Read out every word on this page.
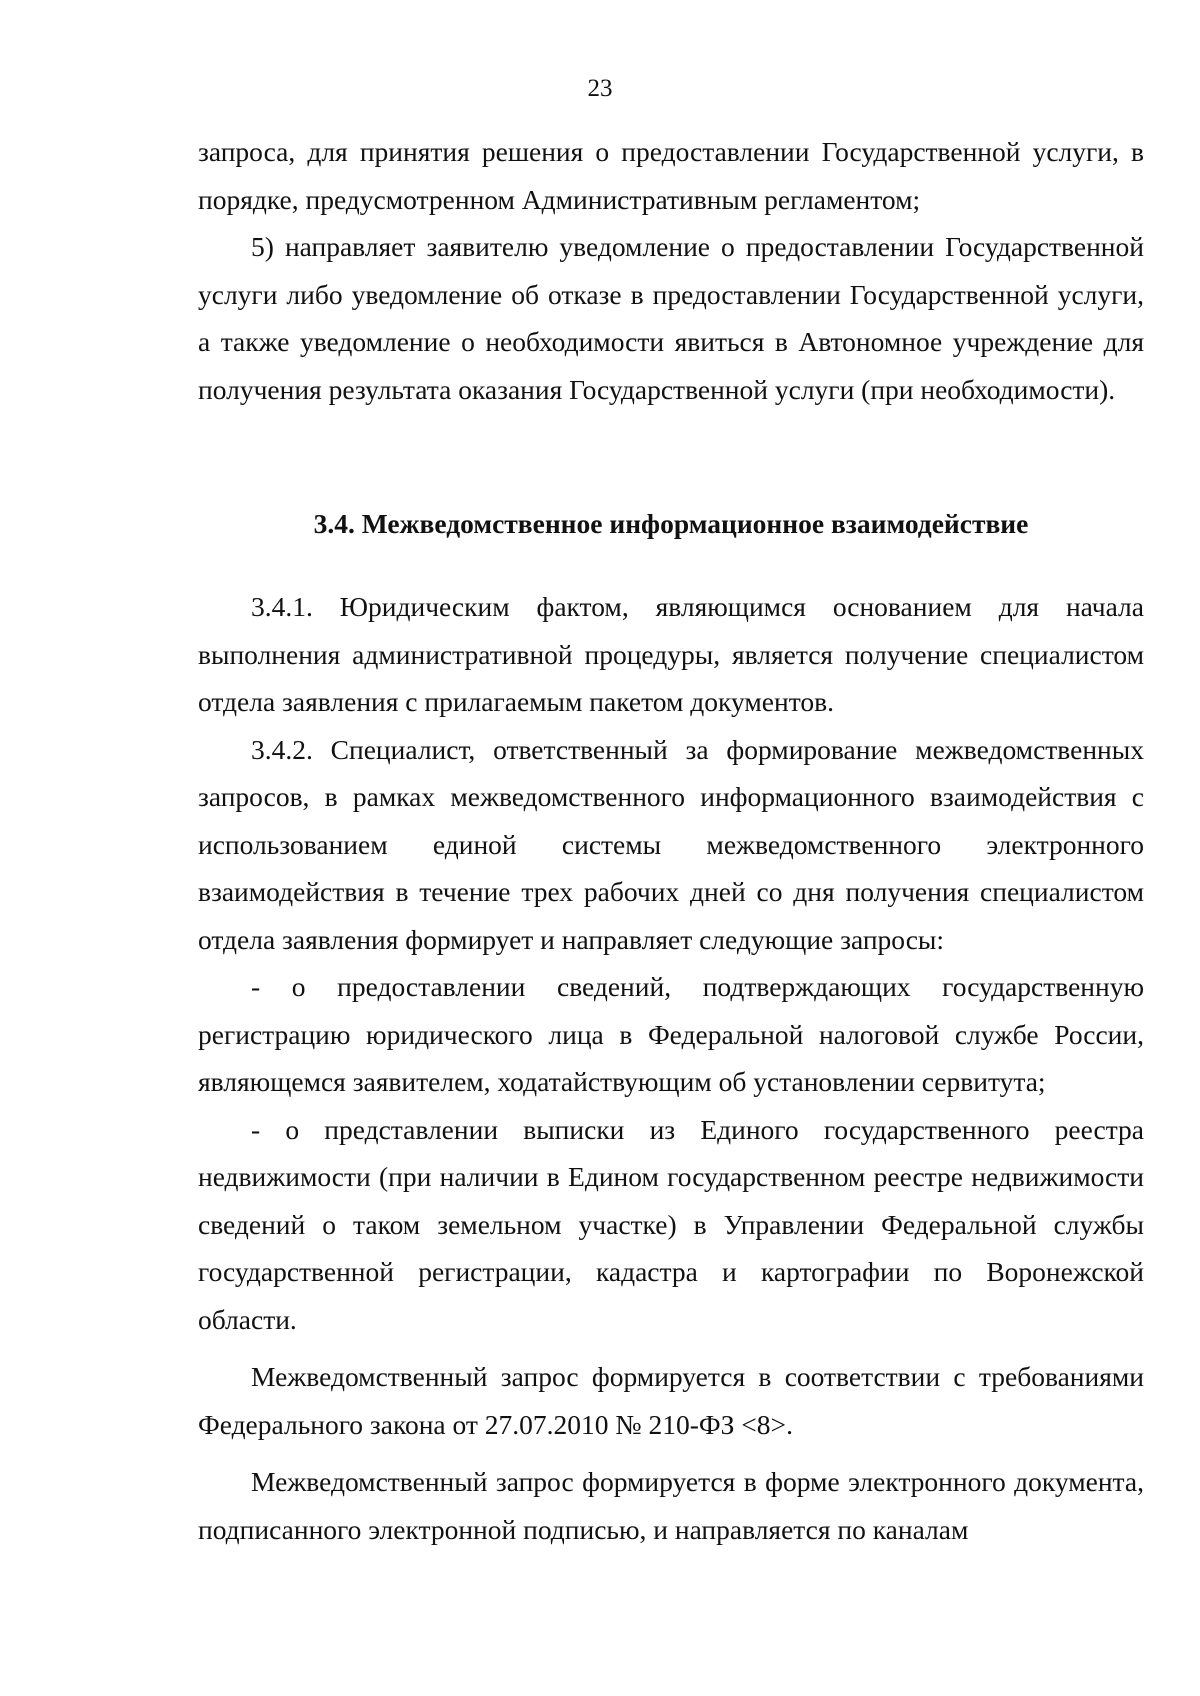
23

запроса, для принятия решения о предоставлении Государственной услуги, в порядке, предусмотренном Административным регламентом;

5) направляет заявителю уведомление о предоставлении Государственной услуги либо уведомление об отказе в предоставлении Государственной услуги, а также уведомление о необходимости явиться в Автономное учреждение для получения результата оказания Государственной услуги (при необходимости).

3.4. Межведомственное информационное взаимодействие

3.4.1. Юридическим фактом, являющимся основанием для начала выполнения административной процедуры, является получение специалистом отдела заявления с прилагаемым пакетом документов.

3.4.2. Специалист, ответственный за формирование межведомственных запросов, в рамках межведомственного информационного взаимодействия с использованием единой системы межведомственного электронного взаимодействия в течение трех рабочих дней со дня получения специалистом отдела заявления формирует и направляет следующие запросы:

- о предоставлении сведений, подтверждающих государственную регистрацию юридического лица в Федеральной налоговой службе России, являющемся заявителем, ходатайствующим об установлении сервитута;

- о представлении выписки из Единого государственного реестра недвижимости (при наличии в Едином государственном реестре недвижимости сведений о таком земельном участке) в Управлении Федеральной службы государственной регистрации, кадастра и картографии по Воронежской области.

Межведомственный запрос формируется в соответствии с требованиями Федерального закона от 27.07.2010 № 210-ФЗ <8>.

Межведомственный запрос формируется в форме электронного документа, подписанного электронной подписью, и направляется по каналам
